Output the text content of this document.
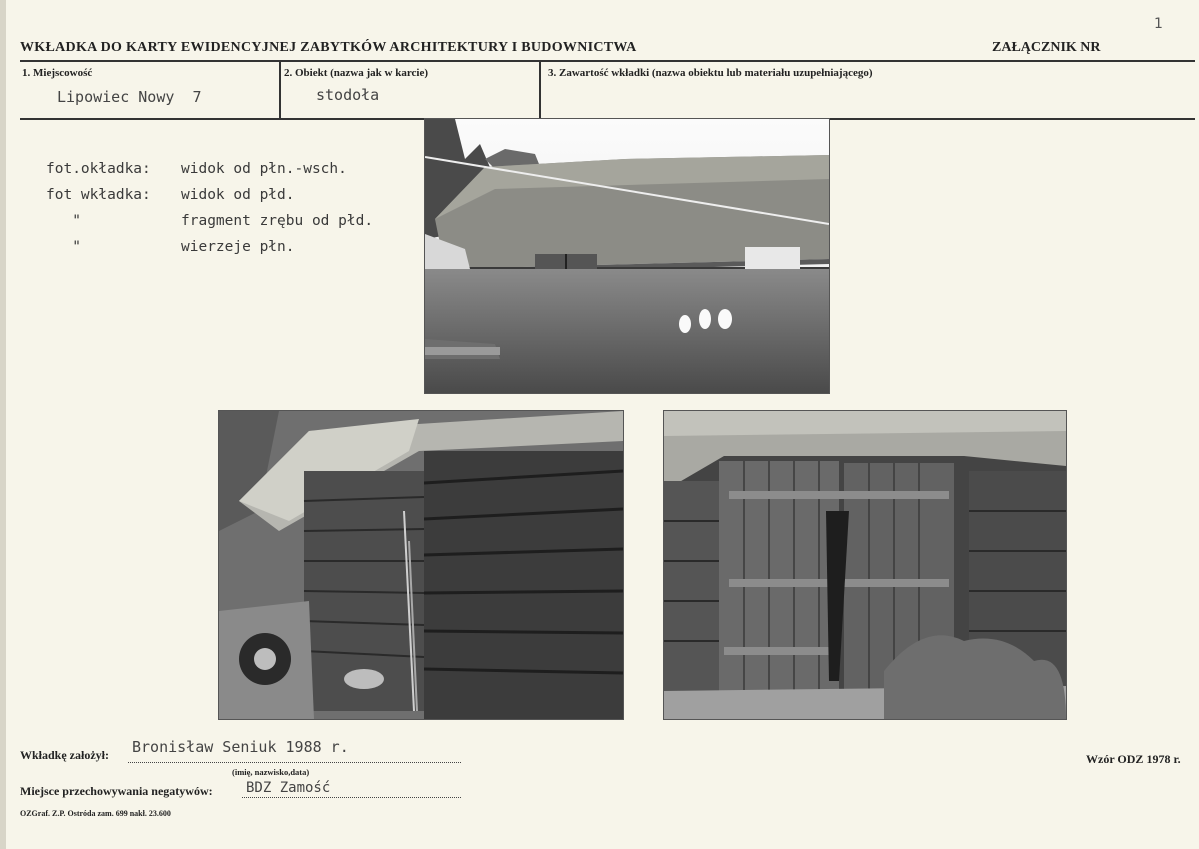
1
WKŁADKA DO KARTY EWIDENCYJNEJ ZABYTKÓW ARCHITEKTURY I BUDOWNICTWA	ZAŁĄCZNIK NR
1. Miejscowość
Lipowiec Nowy  7
2. Obiekt (nazwa jak w karcie)
stodoła
3. Zawartość wkładki (nazwa obiektu lub materiału uzupełniającego)
fot.okładka:	widok od płn.-wsch.
fot wkładka:	widok od płd.
"	fragment zrębu od płd.
"	wierzeje płn.
Wkładkę założył: Bronisław Seniuk 1988 r.
(imię, nazwisko,data)
Wzór ODZ 1978 r.
Miejsce przechowywania negatywów: BDZ Zamość
OZGraf. Z.P. Ostróda zam. 699 nakł. 23.600
